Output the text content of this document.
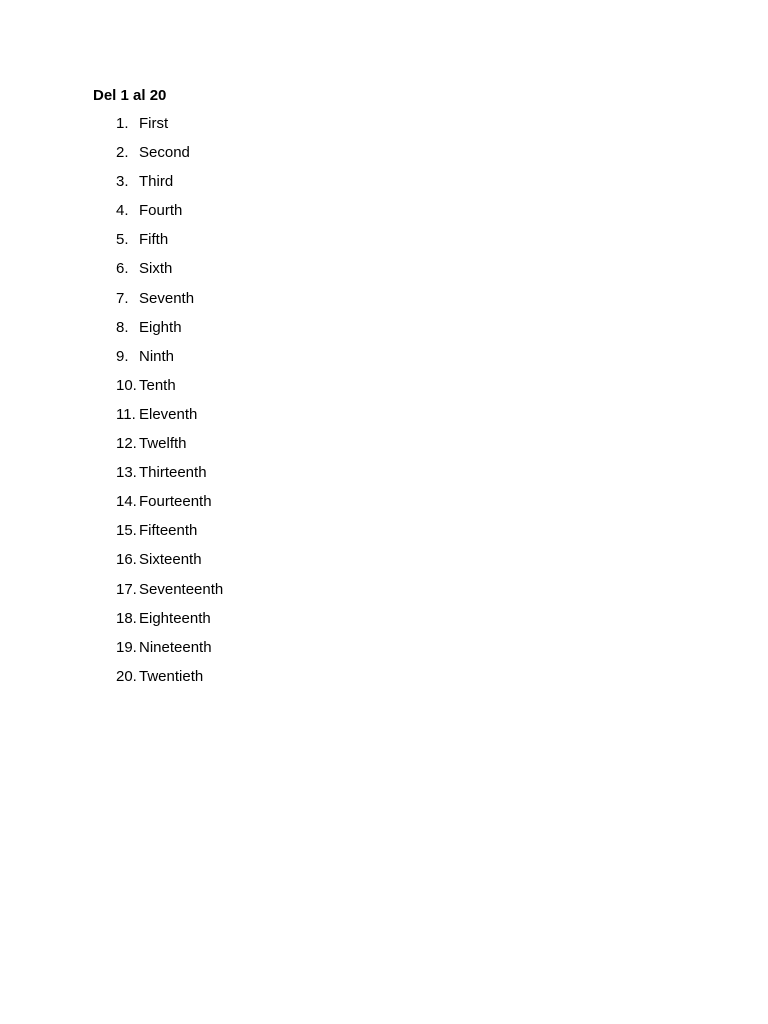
Del 1 al 20
1. First
2. Second
3. Third
4. Fourth
5. Fifth
6. Sixth
7. Seventh
8. Eighth
9. Ninth
10. Tenth
11. Eleventh
12. Twelfth
13. Thirteenth
14. Fourteenth
15. Fifteenth
16. Sixteenth
17. Seventeenth
18. Eighteenth
19. Nineteenth
20. Twentieth
